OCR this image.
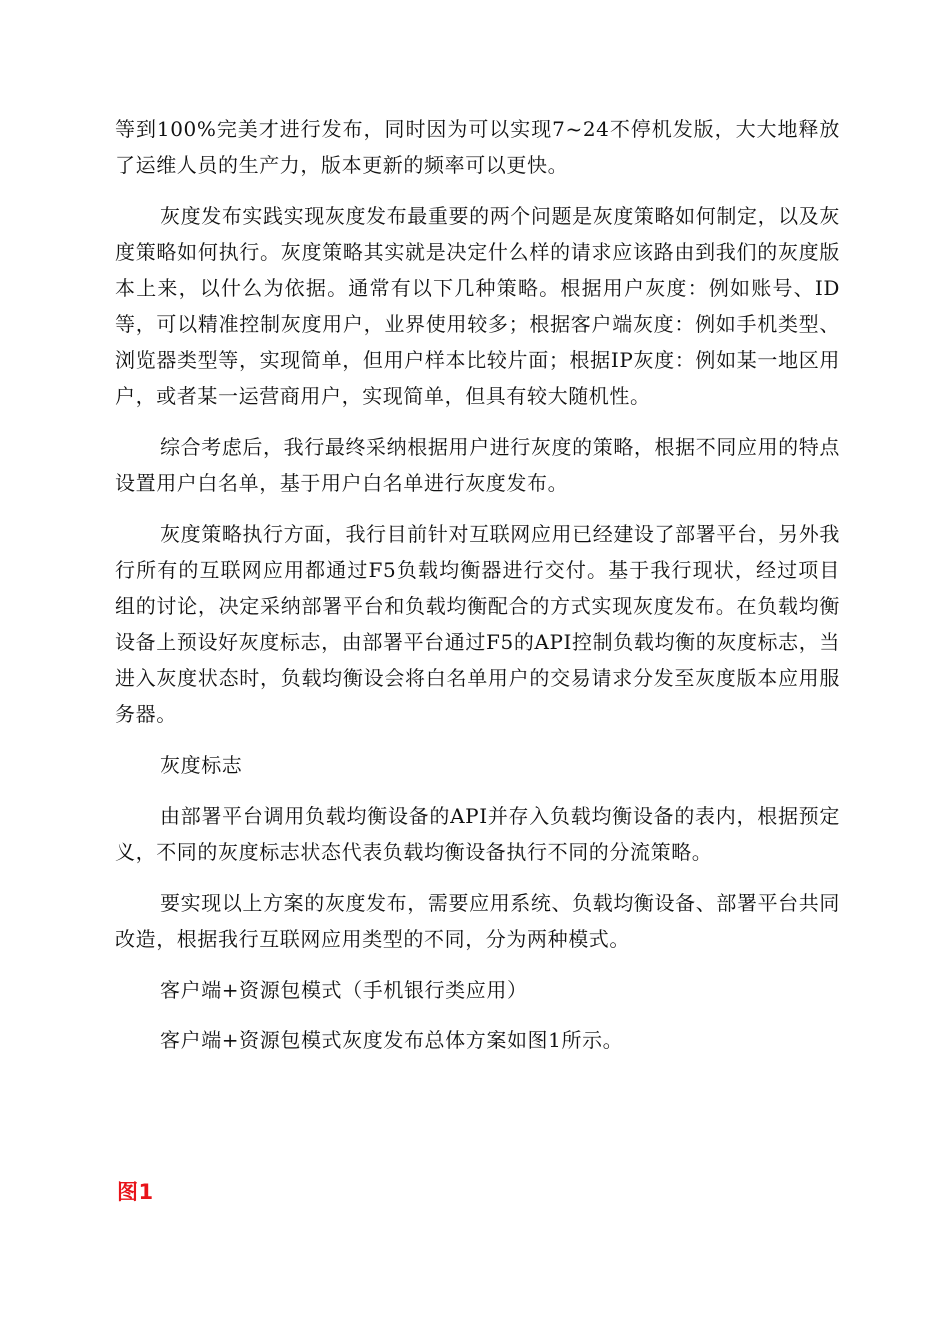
等到100%完美才进行发布，同时因为可以实现7~24不停机发版，大大地释放了运维人员的生产力，版本更新的频率可以更快。

灰度发布实践实现灰度发布最重要的两个问题是灰度策略如何制定，以及灰度策略如何执行。灰度策略其实就是决定什么样的请求应该路由到我们的灰度版本上来，以什么为依据。通常有以下几种策略。根据用户灰度：例如账号、ID等，可以精准控制灰度用户，业界使用较多；根据客户端灰度：例如手机类型、浏览器类型等，实现简单，但用户样本比较片面；根据IP灰度：例如某一地区用户，或者某一运营商用户，实现简单，但具有较大随机性。

综合考虑后，我行最终采纳根据用户进行灰度的策略，根据不同应用的特点设置用户白名单，基于用户白名单进行灰度发布。

灰度策略执行方面，我行目前针对互联网应用已经建设了部署平台，另外我行所有的互联网应用都通过F5负载均衡器进行交付。基于我行现状，经过项目组的讨论，决定采纳部署平台和负载均衡配合的方式实现灰度发布。在负载均衡设备上预设好灰度标志，由部署平台通过F5的API控制负载均衡的灰度标志，当进入灰度状态时，负载均衡设会将白名单用户的交易请求分发至灰度版本应用服务器。

灰度标志

由部署平台调用负载均衡设备的API并存入负载均衡设备的表内，根据预定义，不同的灰度标志状态代表负载均衡设备执行不同的分流策略。

要实现以上方案的灰度发布，需要应用系统、负载均衡设备、部署平台共同改造，根据我行互联网应用类型的不同，分为两种模式。

客户端+资源包模式（手机银行类应用）

客户端+资源包模式灰度发布总体方案如图1所示。

图1
